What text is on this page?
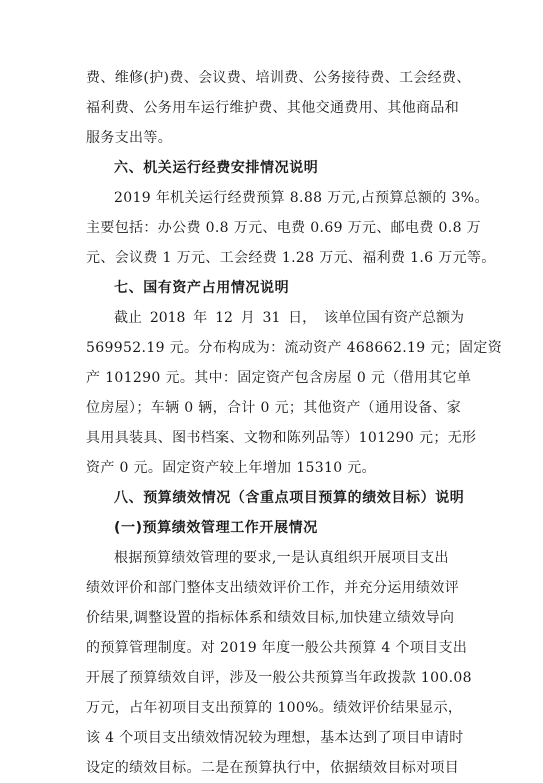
费、维修(护)费、会议费、培训费、公务接待费、工会经费、
福利费、公务用车运行维护费、其他交通费用、其他商品和
服务支出等。
六、机关运行经费安排情况说明
2019 年机关运行经费预算 8.88 万元,占预算总额的 3%。
主要包括：办公费 0.8 万元、电费 0.69 万元、邮电费 0.8 万
元、会议费 1 万元、工会经费 1.28 万元、福利费 1.6 万元等。
七、国有资产占用情况说明
截止 2018 年 12 月 31 日， 该单位国有资产总额为
569952.19 元。分布构成为：流动资产 468662.19 元；固定资
产 101290 元。其中：固定资产包含房屋 0 元（借用其它单
位房屋）；车辆 0 辆，合计 0 元；其他资产（通用设备、家
具用具装具、图书档案、文物和陈列品等）101290 元；无形
资产 0 元。固定资产较上年增加 15310 元。
八、预算绩效情况（含重点项目预算的绩效目标）说明
(一)预算绩效管理工作开展情况
根据预算绩效管理的要求,一是认真组织开展项目支出
绩效评价和部门整体支出绩效评价工作，并充分运用绩效评
价结果,调整设置的指标体系和绩效目标,加快建立绩效导向
的预算管理制度。对 2019 年度一般公共预算 4 个项目支出
开展了预算绩效自评，涉及一般公共预算当年政拨款 100.08
万元，占年初项目支出预算的 100%。绩效评价结果显示，
该 4 个项目支出绩效情况较为理想，基本达到了项目申请时
设定的绩效目标。二是在预算执行中，依据绩效目标对项目
